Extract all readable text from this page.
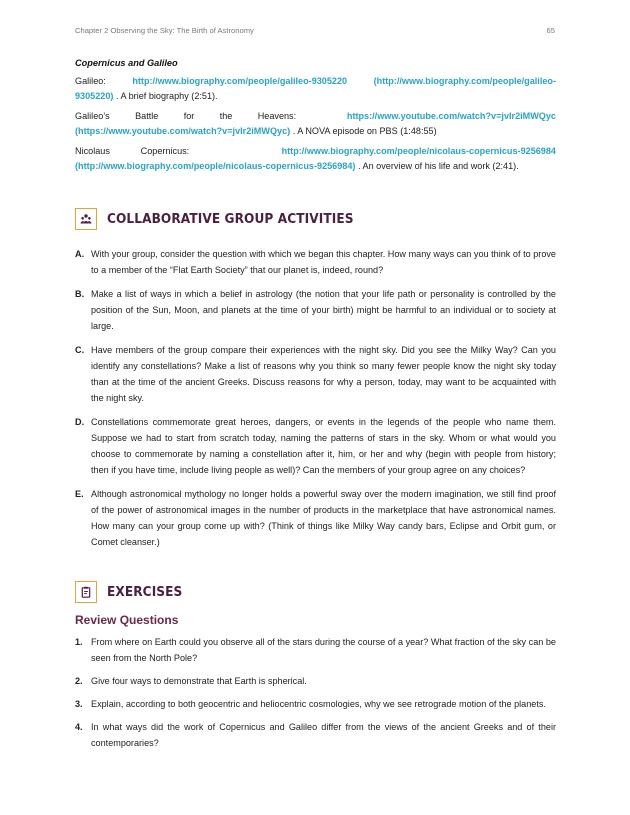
Chapter 2 Observing the Sky: The Birth of Astronomy	65
Copernicus and Galileo

Galileo:	http://www.biography.com/people/galileo-9305220	(http://www.biography.com/people/galileo-9305220) . A brief biography (2:51).

Galileo’s Battle for the Heavens:	https://www.youtube.com/watch?v=jvIr2iMWQyc (https://www.youtube.com/watch?v=jvIr2iMWQyc) . A NOVA episode on PBS (1:48:55)

Nicolaus Copernicus:	http://www.biography.com/people/nicolaus-copernicus-9256984 (http://www.biography.com/people/nicolaus-copernicus-9256984) . An overview of his life and work (2:41).

COLLABORATIVE GROUP ACTIVITIES
A. With your group, consider the question with which we began this chapter. How many ways can you think of to prove to a member of the “Flat Earth Society” that our planet is, indeed, round?
B. Make a list of ways in which a belief in astrology (the notion that your life path or personality is controlled by the position of the Sun, Moon, and planets at the time of your birth) might be harmful to an individual or to society at large.
C. Have members of the group compare their experiences with the night sky. Did you see the Milky Way? Can you identify any constellations? Make a list of reasons why you think so many fewer people know the night sky today than at the time of the ancient Greeks. Discuss reasons for why a person, today, may want to be acquainted with the night sky.
D. Constellations commemorate great heroes, dangers, or events in the legends of the people who name them. Suppose we had to start from scratch today, naming the patterns of stars in the sky. Whom or what would you choose to commemorate by naming a constellation after it, him, or her and why (begin with people from history; then if you have time, include living people as well)? Can the members of your group agree on any choices?
E. Although astronomical mythology no longer holds a powerful sway over the modern imagination, we still find proof of the power of astronomical images in the number of products in the marketplace that have astronomical names. How many can your group come up with? (Think of things like Milky Way candy bars, Eclipse and Orbit gum, or Comet cleanser.)
EXERCISES
Review Questions
1. From where on Earth could you observe all of the stars during the course of a year? What fraction of the sky can be seen from the North Pole?
2. Give four ways to demonstrate that Earth is spherical.
3. Explain, according to both geocentric and heliocentric cosmologies, why we see retrograde motion of the planets.
4. In what ways did the work of Copernicus and Galileo differ from the views of the ancient Greeks and of their contemporaries?
